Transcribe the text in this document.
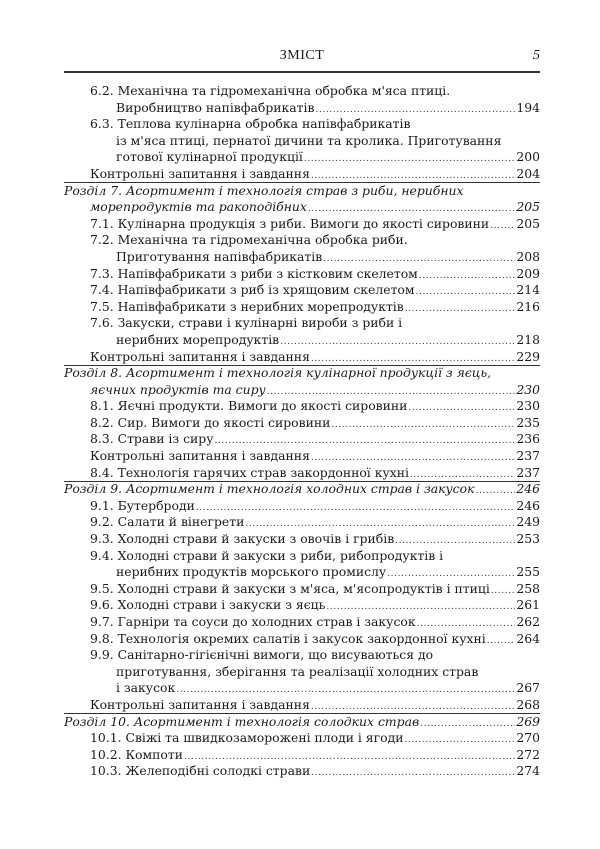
ЗМІСТ	5
6.2. Механічна та гідромеханічна обробка м'яса птиці.
Виробництво напівфабрикатів .....	194
6.3. Теплова кулінарна обробка напівфабрикатів
із м'яса птиці, пернатої дичини та кролика. Приготування
готової кулінарної продукції .....	200
Контрольні запитання і завдання .....	204
Розділ 7. Асортимент і технологія страв з риби, нерибних
морепродуктів та ракоподібних .....	205
7.1. Кулінарна продукція з риби. Вимоги до якості сировини ..... 205
7.2. Механічна та гідромеханічна обробка риби.
Приготування напівфабрикатів .....	208
7.3. Напівфабрикати з риби з кістковим скелетом .....	209
7.4. Напівфабрикати з риб із хрящовим скелетом .....	214
7.5. Напівфабрикати з нерибних морепродуктів .....	216
7.6. Закуски, страви і кулінарні вироби з риби і
нерибних морепродуктів .....	218
Контрольні запитання і завдання .....	229
Розділ 8. Асортимент і технологія кулінарної продукції з яєць,
яєчних продуктів та сиру .....	230
8.1. Яєчні продукти. Вимоги до якості сировини .....	230
8.2. Сир. Вимоги до якості сировини .....	235
8.3. Страви із сиру .....	236
Контрольні запитання і завдання .....	237
8.4. Технологія гарячих страв закордонної кухні .....	237
Розділ 9. Асортимент і технологія холодних страв і закусок .....	246
9.1. Бутерброди .....	246
9.2. Салати й вінегрети .....	249
9.3. Холодні страви й закуски з овочів і грибів .....	253
9.4. Холодні страви й закуски з риби, рибопродуктів і
нерибних продуктів морського промислу .....	255
9.5. Холодні страви й закуски з м'яса, м'ясопродуктів і птиці ..... 258
9.6. Холодні страви і закуски з яєць .....	261
9.7. Гарніри та соуси до холодних страв і закусок .....	262
9.8. Технологія окремих салатів і закусок закордонної кухні ..... 264
9.9. Санітарно-гігієнічні вимоги, що висуваються до
приготування, зберігання та реалізації холодних страв
і закусок .....	267
Контрольні запитання і завдання .....	268
Розділ 10. Асортимент і технологія солодких страв .....	269
10.1. Свіжі та швидкозаморожені плоди і ягоди .....	270
10.2. Компоти .....	272
10.3. Желеподібні солодкі страви .....	274
